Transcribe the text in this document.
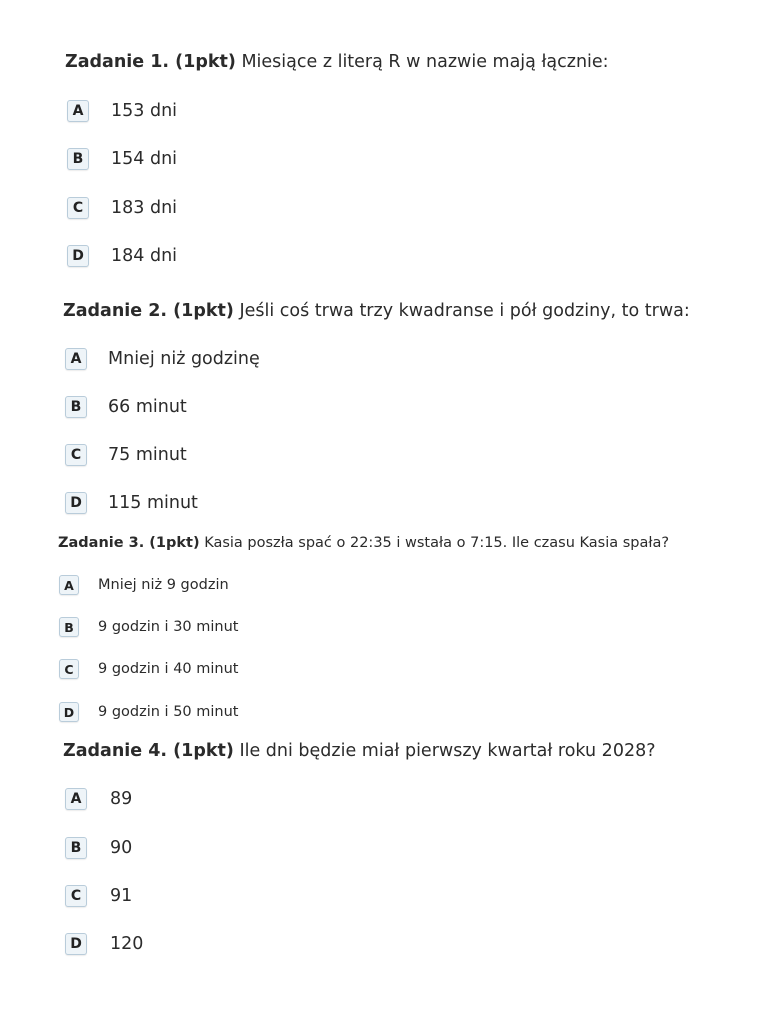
Zadanie 1. (1pkt) Miesiące z literą R w nazwie mają łącznie:
A	153 dni
B	154 dni
C	183 dni
D 184 dni
Zadanie 2. (1pkt) Jeśli coś trwa trzy kwadranse i pół godziny, to trwa:
A	Mniej niż godzinę
B	66 minut
C	75 minut
D 115 minut
Zadanie 3. (1pkt) Kasia poszła spać o 22:35 i wstała o 7:15. Ile czasu Kasia spała?
A	Mniej niż 9 godzin
B	9 godzin i 30 minut
C	9 godzin i 40 minut
D	9 godzin i 50 minut
Zadanie 4. (1pkt) Ile dni będzie miał pierwszy kwartał roku 2028?
A	89
B	90
C	91
D 120
